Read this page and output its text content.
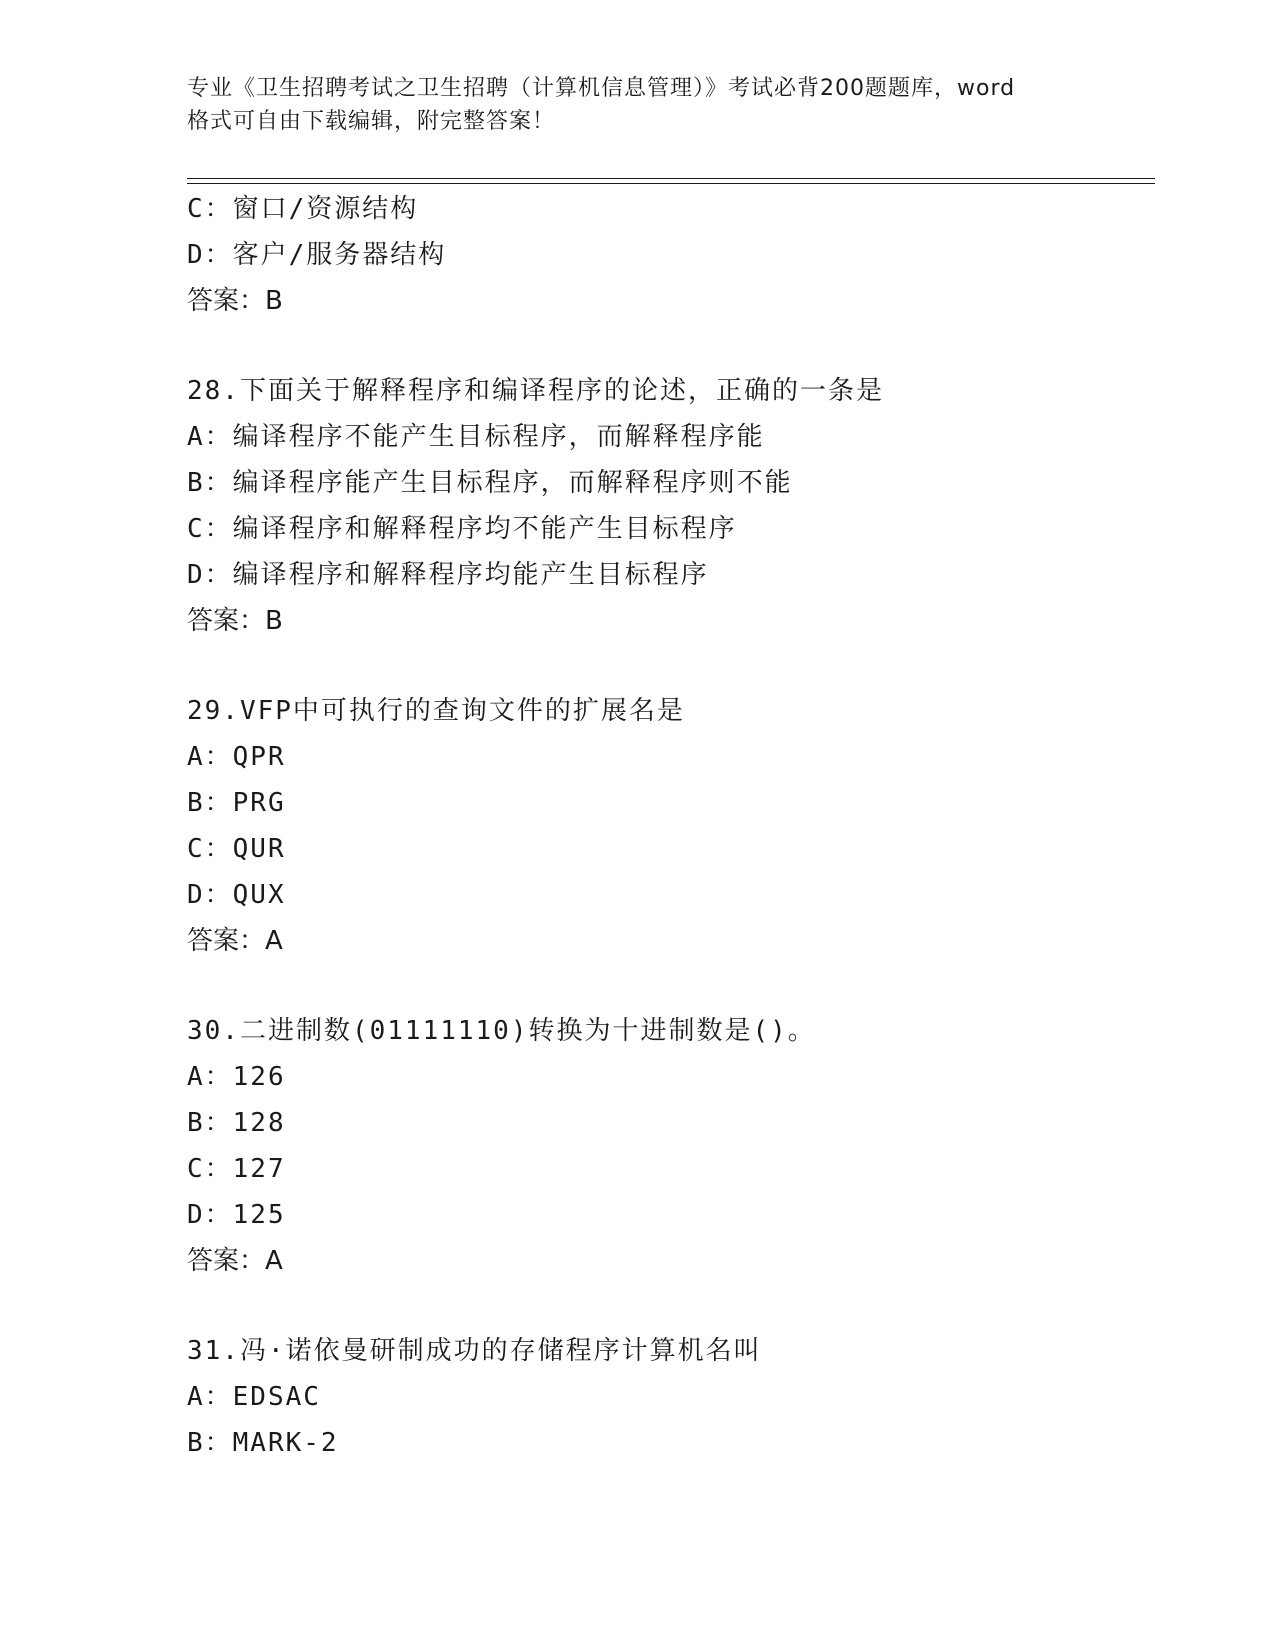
专业《卫生招聘考试之卫生招聘（计算机信息管理）》考试必背200题题库，word
格式可自由下载编辑，附完整答案！
C：窗口/资源结构
D：客户/服务器结构
答案：B
28.下面关于解释程序和编译程序的论述，正确的一条是
A：编译程序不能产生目标程序，而解释程序能
B：编译程序能产生目标程序，而解释程序则不能
C：编译程序和解释程序均不能产生目标程序
D：编译程序和解释程序均能产生目标程序
答案：B
29.VFP中可执行的查询文件的扩展名是
A：QPR
B：PRG
C：QUR
D：QUX
答案：A
30.二进制数(01111110)转换为十进制数是()。
A：126
B：128
C：127
D：125
答案：A
31.冯·诺依曼研制成功的存储程序计算机名叫
A：EDSAC
B：MARK-2
